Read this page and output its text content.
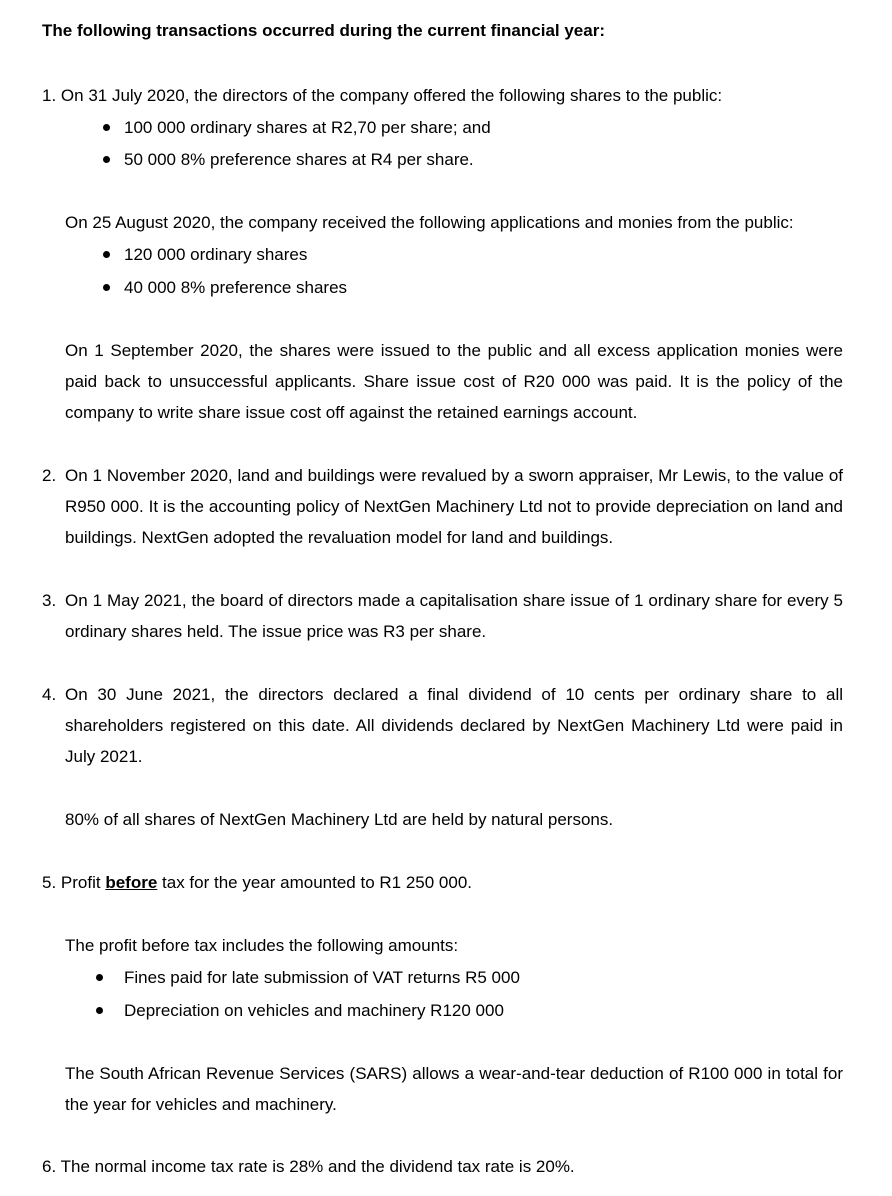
The following transactions occurred during the current financial year:
1. On 31 July 2020, the directors of the company offered the following shares to the public:
100 000 ordinary shares at R2,70 per share; and
50 000 8% preference shares at R4 per share.
On 25 August 2020, the company received the following applications and monies from the public:
120 000 ordinary shares
40 000 8% preference shares
On 1 September 2020, the shares were issued to the public and all excess application monies were paid back to unsuccessful applicants. Share issue cost of R20 000 was paid. It is the policy of the company to write share issue cost off against the retained earnings account.
2. On 1 November 2020, land and buildings were revalued by a sworn appraiser, Mr Lewis, to the value of R950 000. It is the accounting policy of NextGen Machinery Ltd not to provide depreciation on land and buildings. NextGen adopted the revaluation model for land and buildings.
3. On 1 May 2021, the board of directors made a capitalisation share issue of 1 ordinary share for every 5 ordinary shares held. The issue price was R3 per share.
4. On 30 June 2021, the directors declared a final dividend of 10 cents per ordinary share to all shareholders registered on this date. All dividends declared by NextGen Machinery Ltd were paid in July 2021.
80% of all shares of NextGen Machinery Ltd are held by natural persons.
5. Profit before tax for the year amounted to R1 250 000.
The profit before tax includes the following amounts:
Fines paid for late submission of VAT returns R5 000
Depreciation on vehicles and machinery R120 000
The South African Revenue Services (SARS) allows a wear-and-tear deduction of R100 000 in total for the year for vehicles and machinery.
6. The normal income tax rate is 28% and the dividend tax rate is 20%.
